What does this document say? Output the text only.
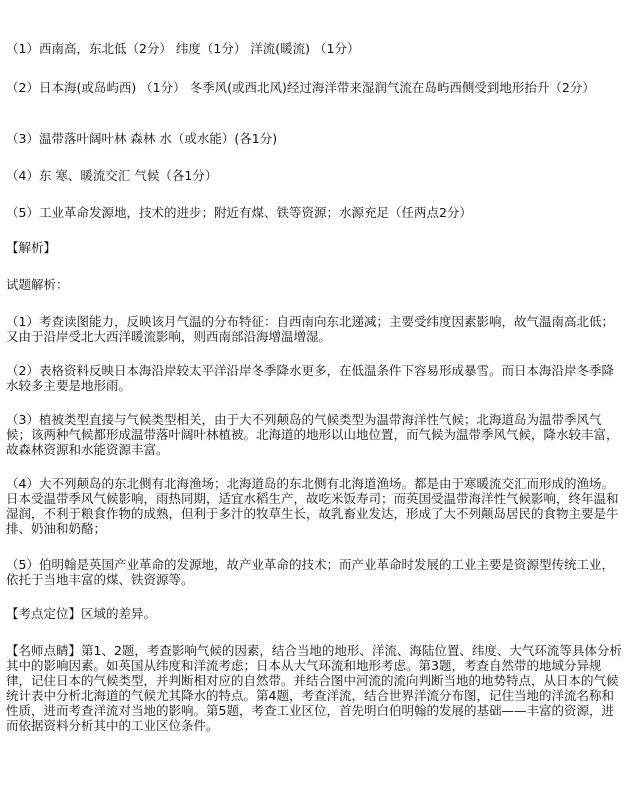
（1）西南高，东北低（2分） 纬度（1分） 洋流(暖流) （1分）

（2）日本海(或岛屿西) （1分） 冬季风(或西北风)经过海洋带来湿润气流在岛屿西侧受到地形抬升（2分）

（3）温带落叶阔叶林 森林 水（或水能）(各1分)

（4）东 寒、暖流交汇 气候（各1分）

（5）工业革命发源地，技术的进步；附近有煤、铁等资源；水源充足（任两点2分）

【解析】

试题解析：

（1）考查读图能力，反映该月气温的分布特征：自西南向东北递减；主要受纬度因素影响，故气温南高北低；又由于沿岸受北大西洋暖流影响，则西南部沿海增温增湿。

（2）表格资料反映日本海沿岸较太平洋沿岸冬季降水更多，在低温条件下容易形成暴雪。而日本海沿岸冬季降水较多主要是地形雨。

（3）植被类型直接与气候类型相关，由于大不列颠岛的气候类型为温带海洋性气候；北海道岛为温带季风气候；该两种气候都形成温带落叶阔叶林植被。北海道的地形以山地位置，而气候为温带季风气候，降水较丰富，故森林资源和水能资源丰富。

（4）大不列颠岛的东北侧有北海渔场；北海道岛的东北侧有北海道渔场。都是由于寒暖流交汇而形成的渔场。日本受温带季风气候影响，雨热同期，适宜水稻生产，故吃米饭寿司；而英国受温带海洋性气候影响，终年温和湿润，不利于粮食作物的成熟，但利于多汁的牧草生长，故乳畜业发达，形成了大不列颠岛居民的食物主要是牛排、奶油和奶酪；

（5）伯明翰是英国产业革命的发源地，故产业革命的技术；而产业革命时发展的工业主要是资源型传统工业，依托于当地丰富的煤、铁资源等。

【考点定位】区域的差异。

【名师点睛】第1、2题，考查影响气候的因素，结合当地的地形、洋流、海陆位置、纬度、大气环流等具体分析其中的影响因素。如英国从纬度和洋流考虑；日本从大气环流和地形考虑。第3题，考查自然带的地域分异规律，记住日本的气候类型，并判断相对应的自然带。并结合图中河流的流向判断当地的地势特点，从日本的气候统计表中分析北海道的气候尤其降水的特点。第4题，考查洋流，结合世界洋流分布图，记住当地的洋流名称和性质，进而考查洋流对当地的影响。第5题，考查工业区位，首先明白伯明翰的发展的基础——丰富的资源，进而依据资料分析其中的工业区位条件。
